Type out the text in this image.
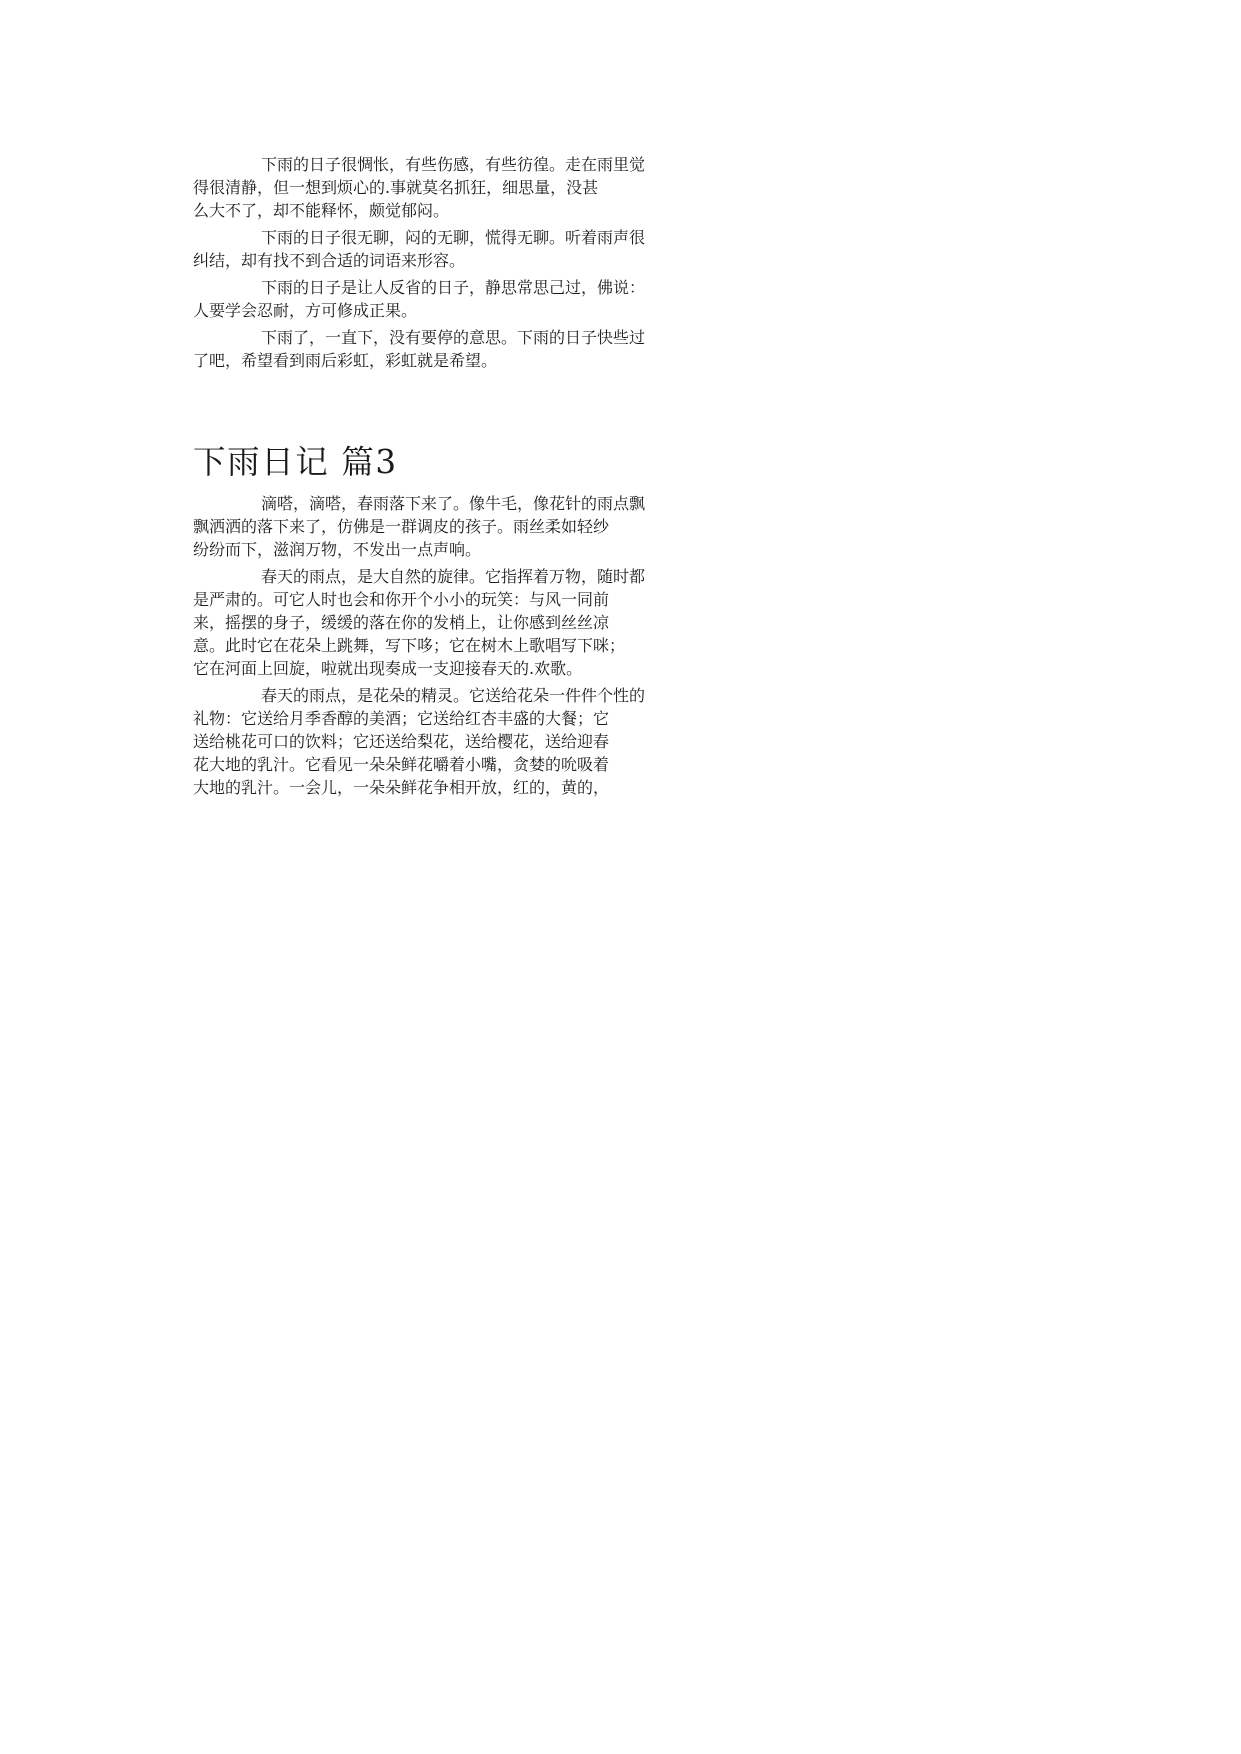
下雨的日子很惆怅，有些伤感，有些彷徨。走在雨里觉
得很清静，但一想到烦心的.事就莫名抓狂，细思量，没甚
么大不了，却不能释怀，颇觉郁闷。
下雨的日子很无聊，闷的无聊，慌得无聊。听着雨声很
纠结，却有找不到合适的词语来形容。
下雨的日子是让人反省的日子，静思常思己过，佛说：
人要学会忍耐，方可修成正果。
下雨了，一直下，没有要停的意思。下雨的日子快些过
了吧，希望看到雨后彩虹，彩虹就是希望。
下雨日记 篇3
滴嗒，滴嗒，春雨落下来了。像牛毛，像花针的雨点飘
飘洒洒的落下来了，仿佛是一群调皮的孩子。雨丝柔如轻纱
纷纷而下，滋润万物，不发出一点声响。
春天的雨点，是大自然的旋律。它指挥着万物，随时都
是严肃的。可它人时也会和你开个小小的玩笑：与风一同前
来，摇摆的身子，缓缓的落在你的发梢上，让你感到丝丝凉
意。此时它在花朵上跳舞，写下哆；它在树木上歌唱写下咪；
它在河面上回旋，啦就出现奏成一支迎接春天的.欢歌。
春天的雨点，是花朵的精灵。它送给花朵一件件个性的
礼物：它送给月季香醇的美酒；它送给红杏丰盛的大餐；它
送给桃花可口的饮料；它还送给梨花，送给樱花，送给迎春
花大地的乳汁。它看见一朵朵鲜花嚼着小嘴，贪婪的吮吸着
大地的乳汁。一会儿，一朵朵鲜花争相开放，红的，黄的，
